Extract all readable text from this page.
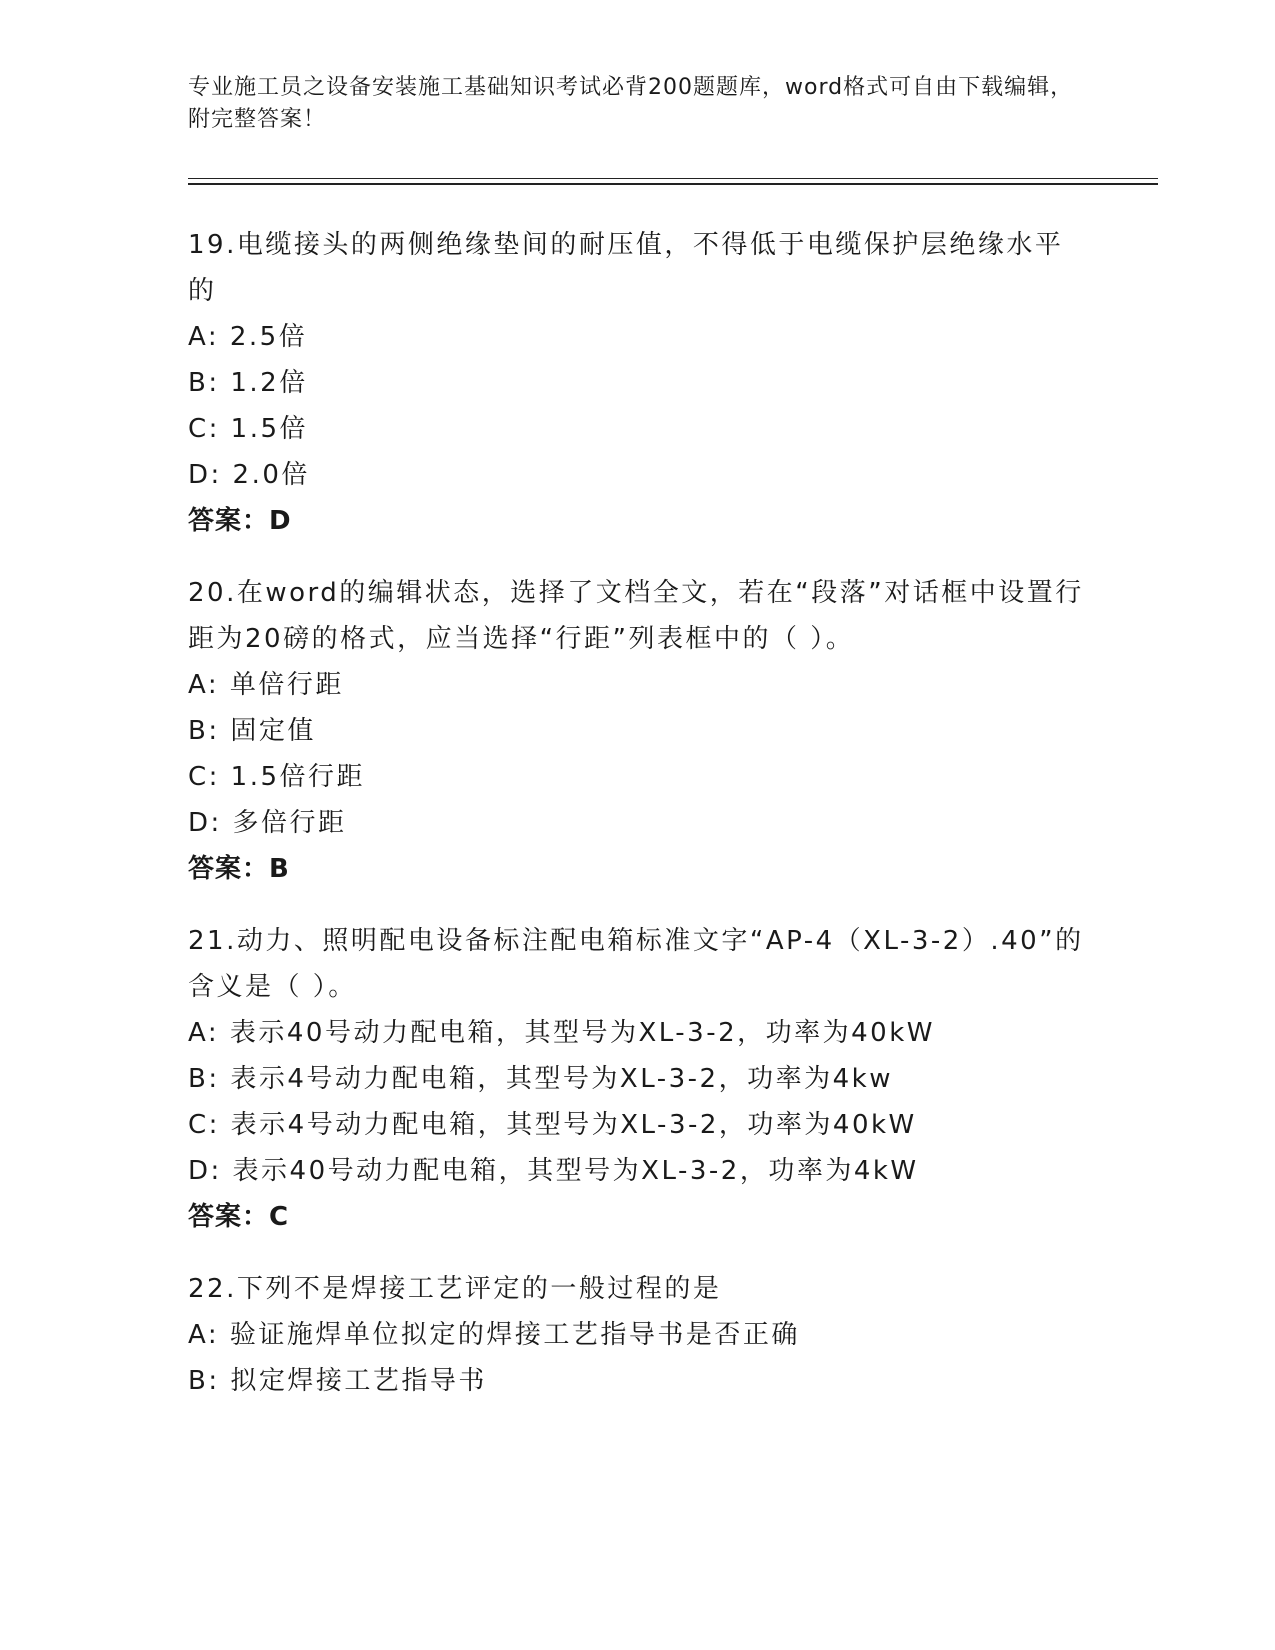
专业施工员之设备安装施工基础知识考试必背200题题库，word格式可自由下载编辑，附完整答案！

19.电缆接头的两侧绝缘垫间的耐压值，不得低于电缆保护层绝缘水平的

A: 2.5倍

B: 1.2倍

C: 1.5倍

D: 2.0倍

答案：D

20.在word的编辑状态，选择了文档全文，若在“段落”对话框中设置行距为20磅的格式，应当选择“行距”列表框中的（ ）。

A: 单倍行距

B: 固定值

C: 1.5倍行距

D: 多倍行距

答案：B

21.动力、照明配电设备标注配电箱标准文字“AP-4（XL-3-2）.40”的含义是（ ）。

A: 表示40号动力配电箱，其型号为XL-3-2，功率为40kW

B: 表示4号动力配电箱，其型号为XL-3-2，功率为4kw

C: 表示4号动力配电箱，其型号为XL-3-2，功率为40kW

D: 表示40号动力配电箱，其型号为XL-3-2，功率为4kW

答案：C

22.下列不是焊接工艺评定的一般过程的是

A: 验证施焊单位拟定的焊接工艺指导书是否正确

B: 拟定焊接工艺指导书
